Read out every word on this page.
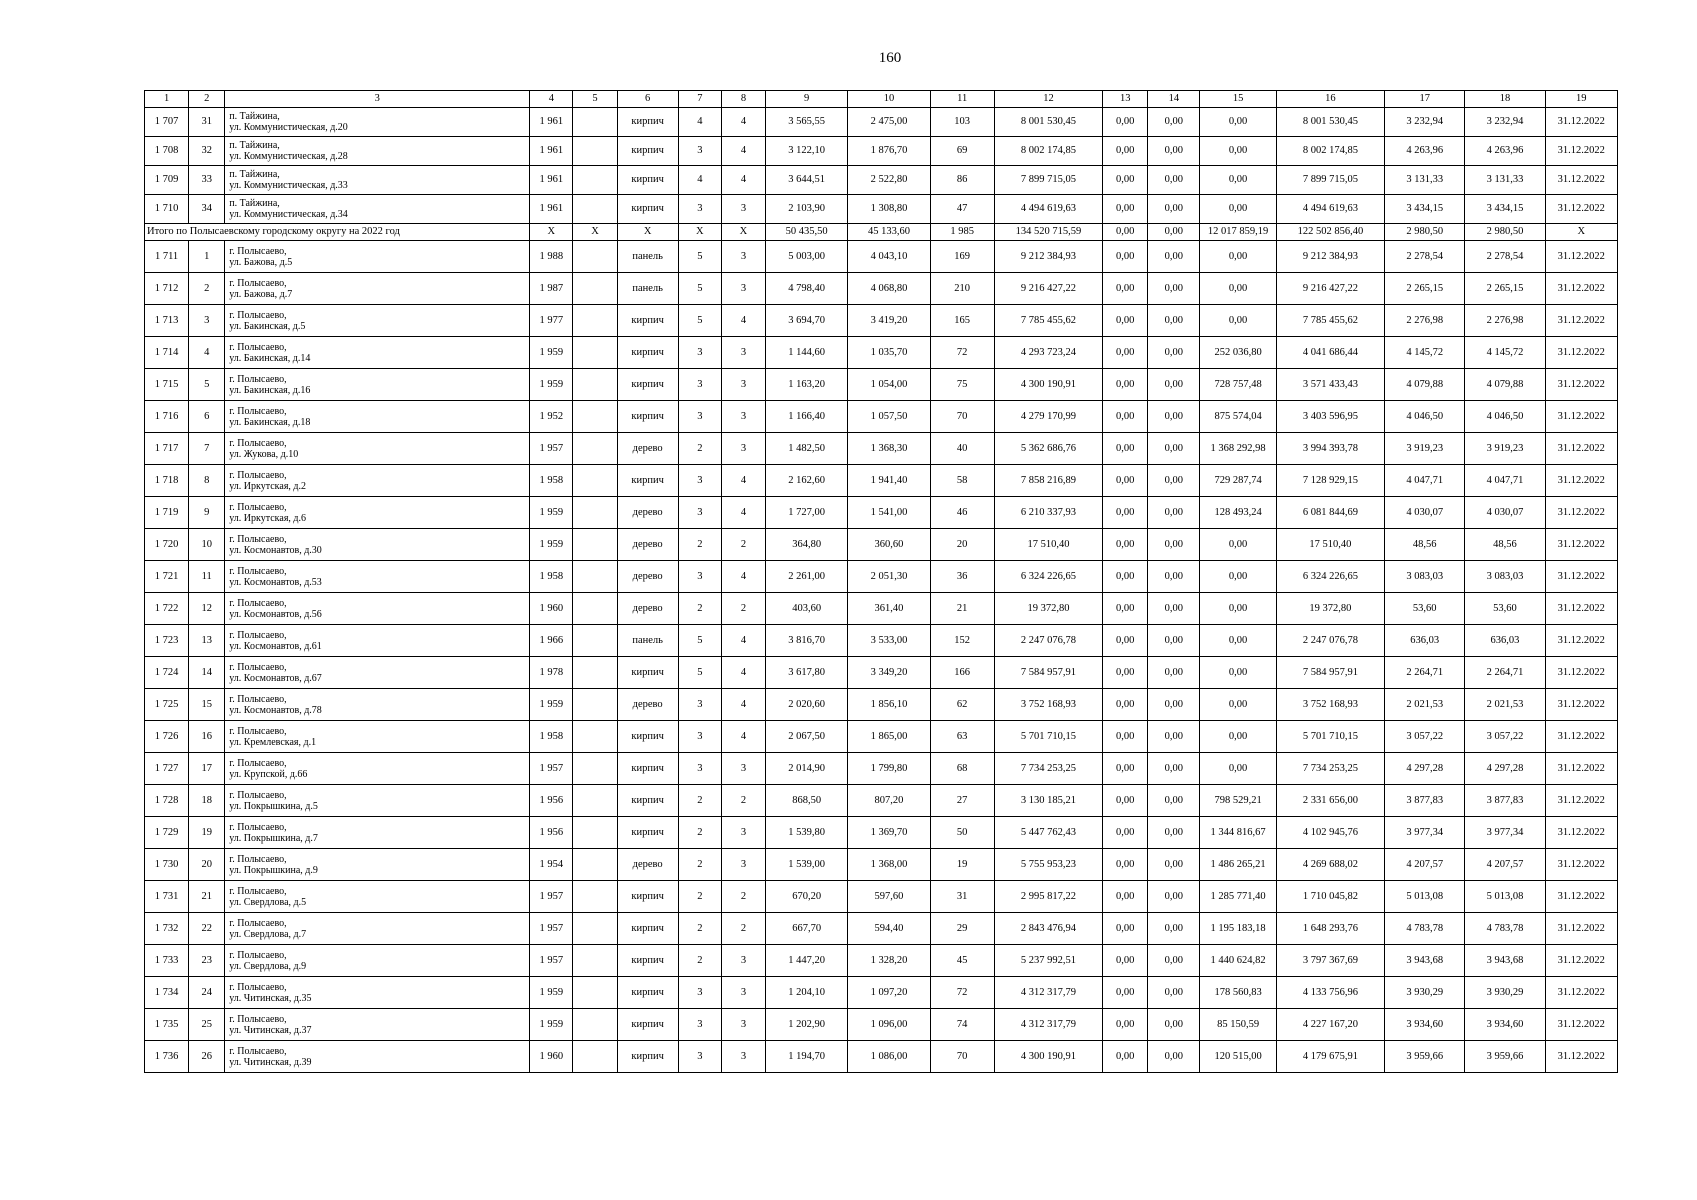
160
1	2	3	4	5	6	7	8	9	10	11	12	13	14	15	16	17	18	19
1 707	31	п. Тайжина,
ул. Коммунистическая, д.20	1 961		кирпич	4	4	3 565,55	2 475,00	103	8 001 530,45	0,00	0,00	0,00	8 001 530,45	3 232,94	3 232,94	31.12.2022
1 708	32	п. Тайжина,
ул. Коммунистическая, д.28	1 961		кирпич	3	4	3 122,10	1 876,70	69	8 002 174,85	0,00	0,00	0,00	8 002 174,85	4 263,96	4 263,96	31.12.2022
1 709	33	п. Тайжина,
ул. Коммунистическая, д.33	1 961		кирпич	4	4	3 644,51	2 522,80	86	7 899 715,05	0,00	0,00	0,00	7 899 715,05	3 131,33	3 131,33	31.12.2022
1 710	34	п. Тайжина,
ул. Коммунистическая, д.34	1 961		кирпич	3	3	2 103,90	1 308,80	47	4 494 619,63	0,00	0,00	0,00	4 494 619,63	3 434,15	3 434,15	31.12.2022
Итого по Полысаевскому городскому округу на 2022 год			X	X	X	X	X	50 435,50	45 133,60	1 985	134 520 715,59	0,00	0,00	12 017 859,19	122 502 856,40	2 980,50	2 980,50	X
1 711	1	г. Полысаево,
ул. Бажова, д.5	1 988		панель	5	3	5 003,00	4 043,10	169	9 212 384,93	0,00	0,00	0,00	9 212 384,93	2 278,54	2 278,54	31.12.2022
1 712	2	г. Полысаево,
ул. Бажова, д.7	1 987		панель	5	3	4 798,40	4 068,80	210	9 216 427,22	0,00	0,00	0,00	9 216 427,22	2 265,15	2 265,15	31.12.2022
1 713	3	г. Полысаево,
ул. Бакинская, д.5	1 977		кирпич	5	4	3 694,70	3 419,20	165	7 785 455,62	0,00	0,00	0,00	7 785 455,62	2 276,98	2 276,98	31.12.2022
1 714	4	г. Полысаево,
ул. Бакинская, д.14	1 959		кирпич	3	3	1 144,60	1 035,70	72	4 293 723,24	0,00	0,00	252 036,80	4 041 686,44	4 145,72	4 145,72	31.12.2022
1 715	5	г. Полысаево,
ул. Бакинская, д.16	1 959		кирпич	3	3	1 163,20	1 054,00	75	4 300 190,91	0,00	0,00	728 757,48	3 571 433,43	4 079,88	4 079,88	31.12.2022
1 716	6	г. Полысаево,
ул. Бакинская, д.18	1 952		кирпич	3	3	1 166,40	1 057,50	70	4 279 170,99	0,00	0,00	875 574,04	3 403 596,95	4 046,50	4 046,50	31.12.2022
1 717	7	г. Полысаево,
ул. Жукова, д.10	1 957		дерево	2	3	1 482,50	1 368,30	40	5 362 686,76	0,00	0,00	1 368 292,98	3 994 393,78	3 919,23	3 919,23	31.12.2022
1 718	8	г. Полысаево,
ул. Иркутская, д.2	1 958		кирпич	3	4	2 162,60	1 941,40	58	7 858 216,89	0,00	0,00	729 287,74	7 128 929,15	4 047,71	4 047,71	31.12.2022
1 719	9	г. Полысаево,
ул. Иркутская, д.6	1 959		дерево	3	4	1 727,00	1 541,00	46	6 210 337,93	0,00	0,00	128 493,24	6 081 844,69	4 030,07	4 030,07	31.12.2022
1 720	10	г. Полысаево,
ул. Космонавтов, д.30	1 959		дерево	2	2	364,80	360,60	20	17 510,40	0,00	0,00	0,00	17 510,40	48,56	48,56	31.12.2022
1 721	11	г. Полысаево,
ул. Космонавтов, д.53	1 958		дерево	3	4	2 261,00	2 051,30	36	6 324 226,65	0,00	0,00	0,00	6 324 226,65	3 083,03	3 083,03	31.12.2022
1 722	12	г. Полысаево,
ул. Космонавтов, д.56	1 960		дерево	2	2	403,60	361,40	21	19 372,80	0,00	0,00	0,00	19 372,80	53,60	53,60	31.12.2022
1 723	13	г. Полысаево,
ул. Космонавтов, д.61	1 966		панель	5	4	3 816,70	3 533,00	152	2 247 076,78	0,00	0,00	0,00	2 247 076,78	636,03	636,03	31.12.2022
1 724	14	г. Полысаево,
ул. Космонавтов, д.67	1 978		кирпич	5	4	3 617,80	3 349,20	166	7 584 957,91	0,00	0,00	0,00	7 584 957,91	2 264,71	2 264,71	31.12.2022
1 725	15	г. Полысаево,
ул. Космонавтов, д.78	1 959		дерево	3	4	2 020,60	1 856,10	62	3 752 168,93	0,00	0,00	0,00	3 752 168,93	2 021,53	2 021,53	31.12.2022
1 726	16	г. Полысаево,
ул. Кремлевская, д.1	1 958		кирпич	3	4	2 067,50	1 865,00	63	5 701 710,15	0,00	0,00	0,00	5 701 710,15	3 057,22	3 057,22	31.12.2022
1 727	17	г. Полысаево,
ул. Крупской, д.66	1 957		кирпич	3	3	2 014,90	1 799,80	68	7 734 253,25	0,00	0,00	0,00	7 734 253,25	4 297,28	4 297,28	31.12.2022
1 728	18	г. Полысаево,
ул. Покрышкина, д.5	1 956		кирпич	2	2	868,50	807,20	27	3 130 185,21	0,00	0,00	798 529,21	2 331 656,00	3 877,83	3 877,83	31.12.2022
1 729	19	г. Полысаево,
ул. Покрышкина, д.7	1 956		кирпич	2	3	1 539,80	1 369,70	50	5 447 762,43	0,00	0,00	1 344 816,67	4 102 945,76	3 977,34	3 977,34	31.12.2022
1 730	20	г. Полысаево,
ул. Покрышкина, д.9	1 954		дерево	2	3	1 539,00	1 368,00	19	5 755 953,23	0,00	0,00	1 486 265,21	4 269 688,02	4 207,57	4 207,57	31.12.2022
1 731	21	г. Полысаево,
ул. Свердлова, д.5	1 957		кирпич	2	2	670,20	597,60	31	2 995 817,22	0,00	0,00	1 285 771,40	1 710 045,82	5 013,08	5 013,08	31.12.2022
1 732	22	г. Полысаево,
ул. Свердлова, д.7	1 957		кирпич	2	2	667,70	594,40	29	2 843 476,94	0,00	0,00	1 195 183,18	1 648 293,76	4 783,78	4 783,78	31.12.2022
1 733	23	г. Полысаево,
ул. Свердлова, д.9	1 957		кирпич	2	3	1 447,20	1 328,20	45	5 237 992,51	0,00	0,00	1 440 624,82	3 797 367,69	3 943,68	3 943,68	31.12.2022
1 734	24	г. Полысаево,
ул. Читинская, д.35	1 959		кирпич	3	3	1 204,10	1 097,20	72	4 312 317,79	0,00	0,00	178 560,83	4 133 756,96	3 930,29	3 930,29	31.12.2022
1 735	25	г. Полысаево,
ул. Читинская, д.37	1 959		кирпич	3	3	1 202,90	1 096,00	74	4 312 317,79	0,00	0,00	85 150,59	4 227 167,20	3 934,60	3 934,60	31.12.2022
1 736	26	г. Полысаево,
ул. Читинская, д.39	1 960		кирпич	3	3	1 194,70	1 086,00	70	4 300 190,91	0,00	0,00	120 515,00	4 179 675,91	3 959,66	3 959,66	31.12.2022
